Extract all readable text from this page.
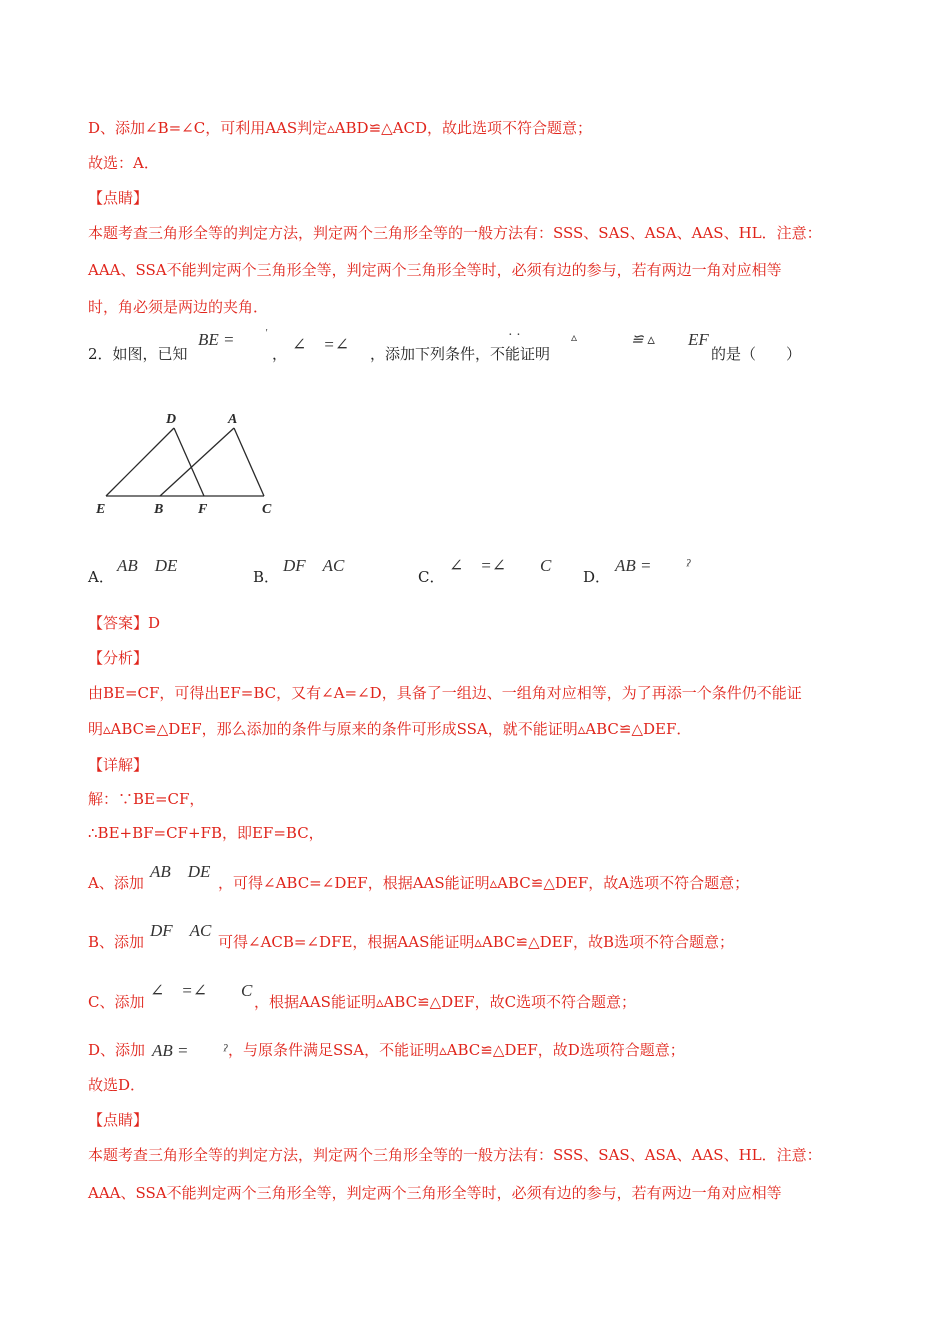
D、添加∠B=∠C，可利用AAS判定▵ABD≌△ACD，故此选项不符合题意；
故选：A．
【点睛】
本题考查三角形全等的判定方法，判定两个三角形全等的一般方法有：SSS、SAS、ASA、AAS、HL．注意：
AAA、SSA不能判定两个三角形全等，判定两个三角形全等时，必须有边的参与，若有两边一角对应相等
时，角必须是两边的夹角．
2．如图，已知
BE =	'
， ∠　=∠ ，添加下列条件，不能证明
· ·	▵	≌ ▵ EF
的是（　　）
D	A
E	B F	C
A．
AB　DE
B．
DF　AC
C．
∠　=∠　　C
D．
AB =　　ˀ
【答案】D
【分析】
由BE=CF，可得出EF=BC，又有∠A=∠D，具备了一组边、一组角对应相等，为了再添一个条件仍不能证
明▵ABC≌△DEF，那么添加的条件与原来的条件可形成SSA，就不能证明▵ABC≌△DEF．
【详解】
解：∵BE=CF，
∴BE+BF=CF+FB，即EF=BC，
A、添加
AB　DE
，可得∠ABC=∠DEF，根据AAS能证明▵ABC≌△DEF，故A选项不符合题意；
B、添加
DF　AC
可得∠ACB=∠DFE，根据AAS能证明▵ABC≌△DEF，故B选项不符合题意；
C、添加
∠　=∠　　C
，根据AAS能证明▵ABC≌△DEF，故C选项不符合题意；
D、添加 AB =　　ˀ ，与原条件满足SSA，不能证明▵ABC≌△DEF，故D选项符合题意；
故选D．
【点睛】
本题考查三角形全等的判定方法，判定两个三角形全等的一般方法有：SSS、SAS、ASA、AAS、HL．注意：
AAA、SSA不能判定两个三角形全等，判定两个三角形全等时，必须有边的参与，若有两边一角对应相等
